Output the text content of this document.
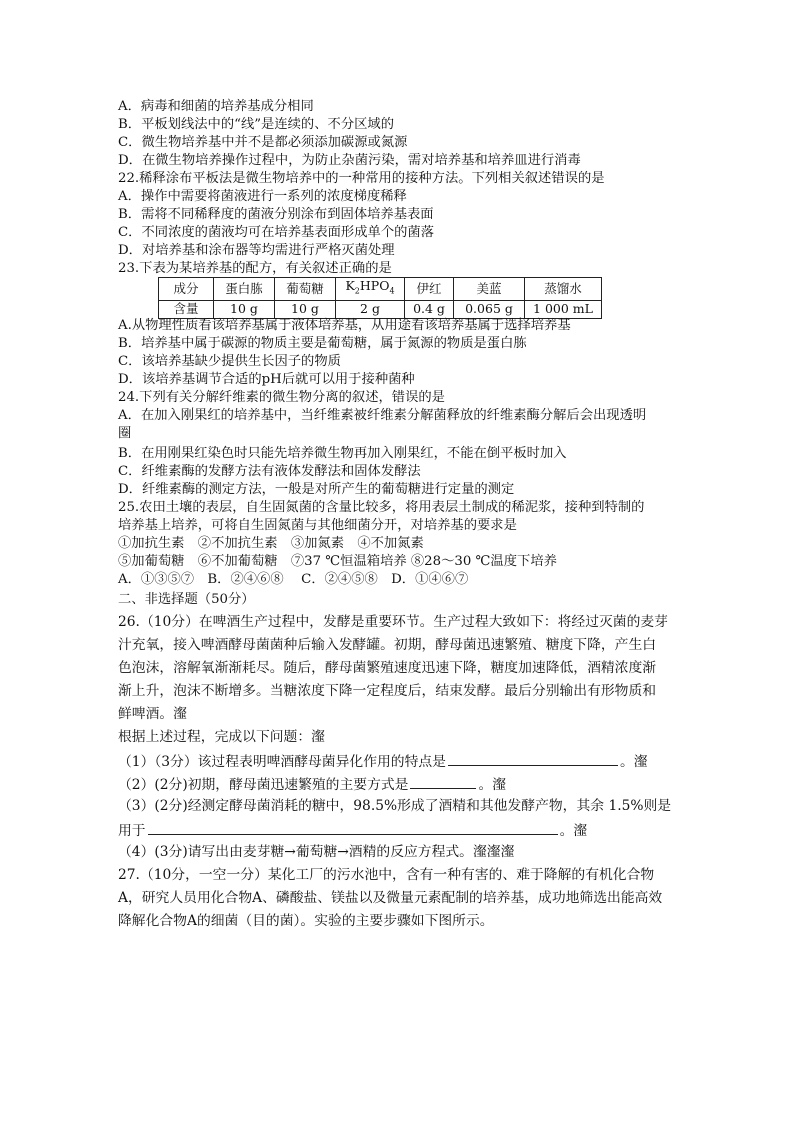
A．病毒和细菌的培养基成分相同
B．平板划线法中的“线”是连续的、不分区域的
C．微生物培养基中并不是都必须添加碳源或氮源
D．在微生物培养操作过程中，为防止杂菌污染，需对培养基和培养皿进行消毒
22.稀释涂布平板法是微生物培养中的一种常用的接种方法。下列相关叙述错误的是
A．操作中需要将菌液进行一系列的浓度梯度稀释
B．需将不同稀释度的菌液分别涂布到固体培养基表面
C．不同浓度的菌液均可在培养基表面形成单个的菌落
D．对培养基和涂布器等均需进行严格灭菌处理
23.下表为某培养基的配方，有关叙述正确的是
成分	蛋白胨	葡萄糖	$K_2HPO_4$	伊红	美蓝	蒸馏水
含量	10 g	10 g	2 g	0.4 g	0.065 g	1 000 mL
A.从物理性质看该培养基属于液体培养基，从用途看该培养基属于选择培养基
B．培养基中属于碳源的物质主要是葡萄糖，属于氮源的物质是蛋白胨
C．该培养基缺少提供生长因子的物质
D．该培养基调节合适的pH后就可以用于接种菌种
24.下列有关分解纤维素的微生物分离的叙述，错误的是
A．在加入刚果红的培养基中，当纤维素被纤维素分解菌释放的纤维素酶分解后会出现透明
圈
B．在用刚果红染色时只能先培养微生物再加入刚果红，不能在倒平板时加入
C．纤维素酶的发酵方法有液体发酵法和固体发酵法
D．纤维素酶的测定方法，一般是对所产生的葡萄糖进行定量的测定
25.农田土壤的表层，自生固氮菌的含量比较多，将用表层土制成的稀泥浆，接种到特制的
培养基上培养，可将自生固氮菌与其他细菌分开，对培养基的要求是
①加抗生素　②不加抗生素　③加氮素　④不加氮素
⑤加葡萄糖　⑥不加葡萄糖　⑦37 ℃恒温箱培养 ⑧28～30 ℃温度下培养
A．①③⑤⑦　B．②④⑥⑧　 C．②④⑤⑧　D．①④⑥⑦
二、非选择题（50分）
26.（10分）在啤酒生产过程中，发酵是重要环节。生产过程大致如下：将经过灭菌的麦芽
汁充氧，接入啤酒酵母菌菌种后输入发酵罐。初期，酵母菌迅速繁殖、糖度下降，产生白
色泡沫，溶解氧渐渐耗尽。随后，酵母菌繁殖速度迅速下降，糖度加速降低，酒精浓度渐
渐上升，泡沫不断增多。当糖浓度下降一定程度后，结束发酵。最后分别输出有形物质和
鲜啤酒。瀣
根据上述过程，完成以下问题：瀣
（1）（3分）该过程表明啤酒酵母菌异化作用的特点是	。瀣
（2）(2分)初期，酵母菌迅速繁殖的主要方式是	。瀣
（3）(2分)经测定酵母菌消耗的糖中，98.5%形成了酒精和其他发酵产物，其余 1.5%则是
用于	。瀣
（4）(3分)请写出由麦芽糖→葡萄糖→酒精的反应方程式。瀣瀣瀣
27.（10分，一空一分）某化工厂的污水池中，含有一种有害的、难于降解的有机化合物
A，研究人员用化合物A、磷酸盐、镁盐以及微量元素配制的培养基，成功地筛选出能高效
降解化合物A的细菌（目的菌）。实验的主要步骤如下图所示。
